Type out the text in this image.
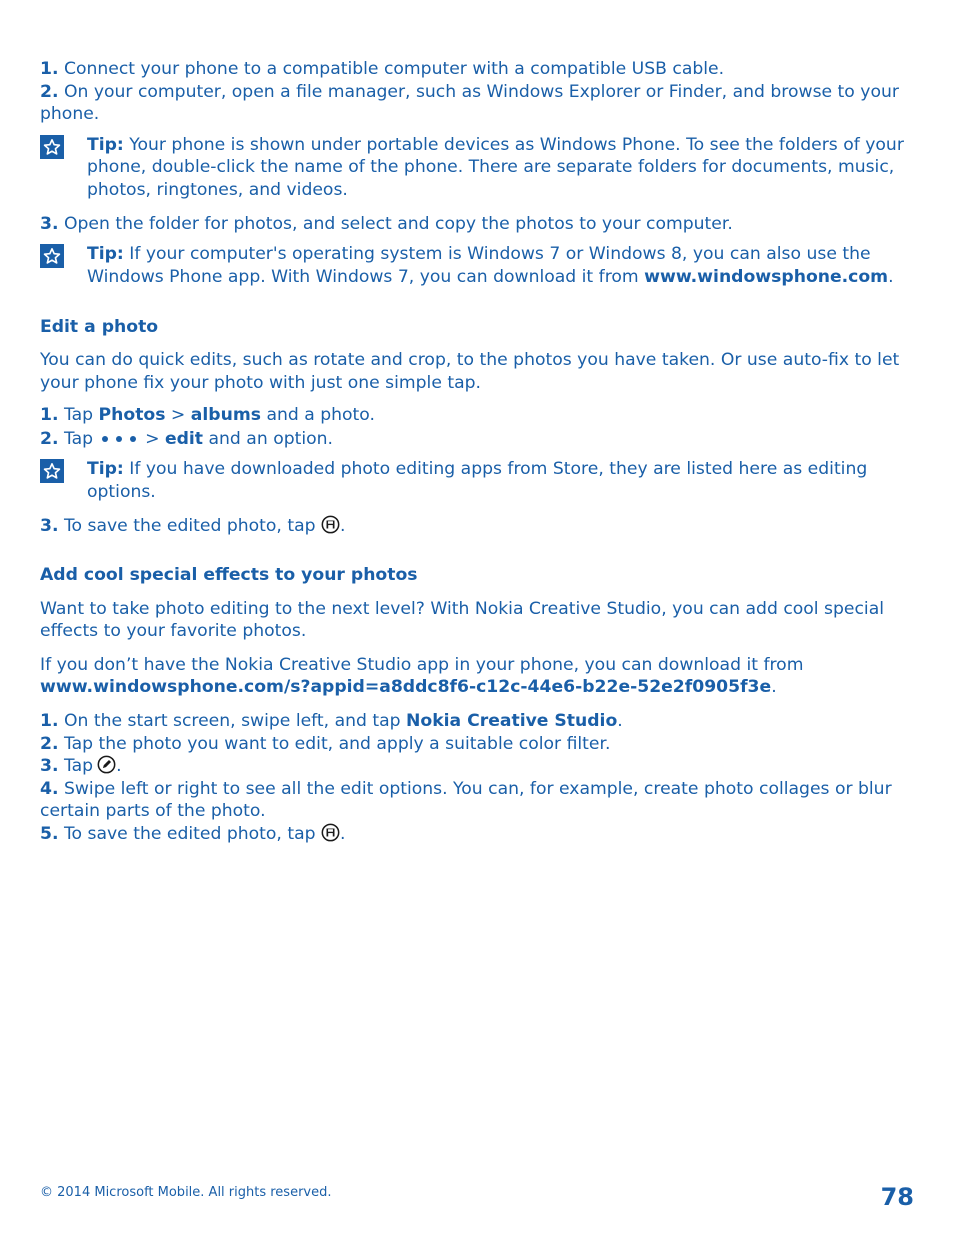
1. Connect your phone to a compatible computer with a compatible USB cable.

2. On your computer, open a file manager, such as Windows Explorer or Finder, and browse to your phone.

Tip: Your phone is shown under portable devices as Windows Phone. To see the folders of your phone, double-click the name of the phone. There are separate folders for documents, music, photos, ringtones, and videos.

3. Open the folder for photos, and select and copy the photos to your computer.

Tip: If your computer's operating system is Windows 7 or Windows 8, you can also use the Windows Phone app. With Windows 7, you can download it from www.windowsphone.com.

Edit a photo

You can do quick edits, such as rotate and crop, to the photos you have taken. Or use auto-fix to let your phone fix your photo with just one simple tap.

1. Tap Photos > albums and a photo.

2. Tap	> edit and an option.

Tip: If you have downloaded photo editing apps from Store, they are listed here as editing options.

3. To save the edited photo, tap .

Add cool special effects to your photos

Want to take photo editing to the next level? With Nokia Creative Studio, you can add cool special effects to your favorite photos.

If you don’t have the Nokia Creative Studio app in your phone, you can download it from
www.windowsphone.com/s?appid=a8ddc8f6-c12c-44e6-b22e-52e2f0905f3e.

1. On the start screen, swipe left, and tap Nokia Creative Studio.

2. Tap the photo you want to edit, and apply a suitable color filter.

3. Tap .

4. Swipe left or right to see all the edit options. You can, for example, create photo collages or blur certain parts of the photo.

5. To save the edited photo, tap .

© 2014 Microsoft Mobile. All rights reserved.	78
